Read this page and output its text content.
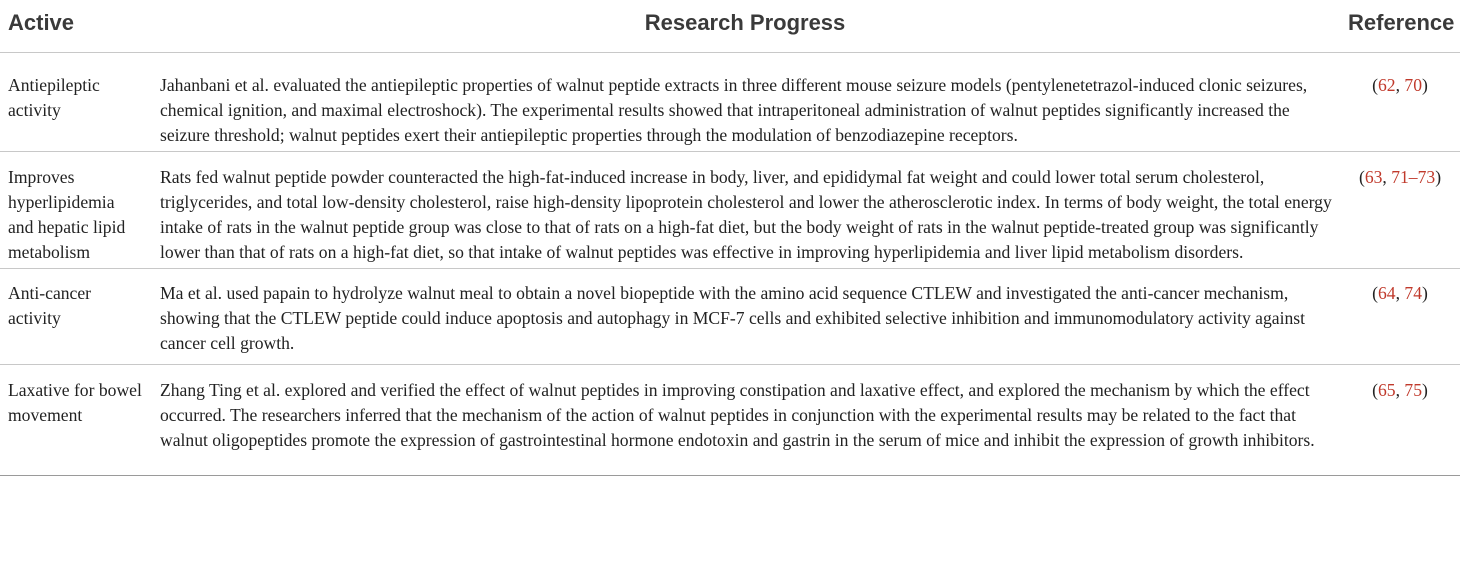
Active	Research Progress	Reference
Antiepileptic activity	Jahanbani et al. evaluated the antiepileptic properties of walnut peptide extracts in three different mouse seizure models (pentylenetetrazol-induced clonic seizures, chemical ignition, and maximal electroshock). The experimental results showed that intraperitoneal administration of walnut peptides significantly increased the seizure threshold; walnut peptides exert their antiepileptic properties through the modulation of benzodiazepine receptors.	(62, 70)
Improves hyperlipidemia and hepatic lipid metabolism	Rats fed walnut peptide powder counteracted the high-fat-induced increase in body, liver, and epididymal fat weight and could lower total serum cholesterol, triglycerides, and total low-density cholesterol, raise high-density lipoprotein cholesterol and lower the atherosclerotic index. In terms of body weight, the total energy intake of rats in the walnut peptide group was close to that of rats on a high-fat diet, but the body weight of rats in the walnut peptide-treated group was significantly lower than that of rats on a high-fat diet, so that intake of walnut peptides was effective in improving hyperlipidemia and liver lipid metabolism disorders.	(63, 71–73)
Anti-cancer activity	Ma et al. used papain to hydrolyze walnut meal to obtain a novel biopeptide with the amino acid sequence CTLEW and investigated the anti-cancer mechanism, showing that the CTLEW peptide could induce apoptosis and autophagy in MCF-7 cells and exhibited selective inhibition and immunomodulatory activity against cancer cell growth.	(64, 74)
Laxative for bowel movement	Zhang Ting et al. explored and verified the effect of walnut peptides in improving constipation and laxative effect, and explored the mechanism by which the effect occurred. The researchers inferred that the mechanism of the action of walnut peptides in conjunction with the experimental results may be related to the fact that walnut oligopeptides promote the expression of gastrointestinal hormone endotoxin and gastrin in the serum of mice and inhibit the expression of growth inhibitors.	(65, 75)
